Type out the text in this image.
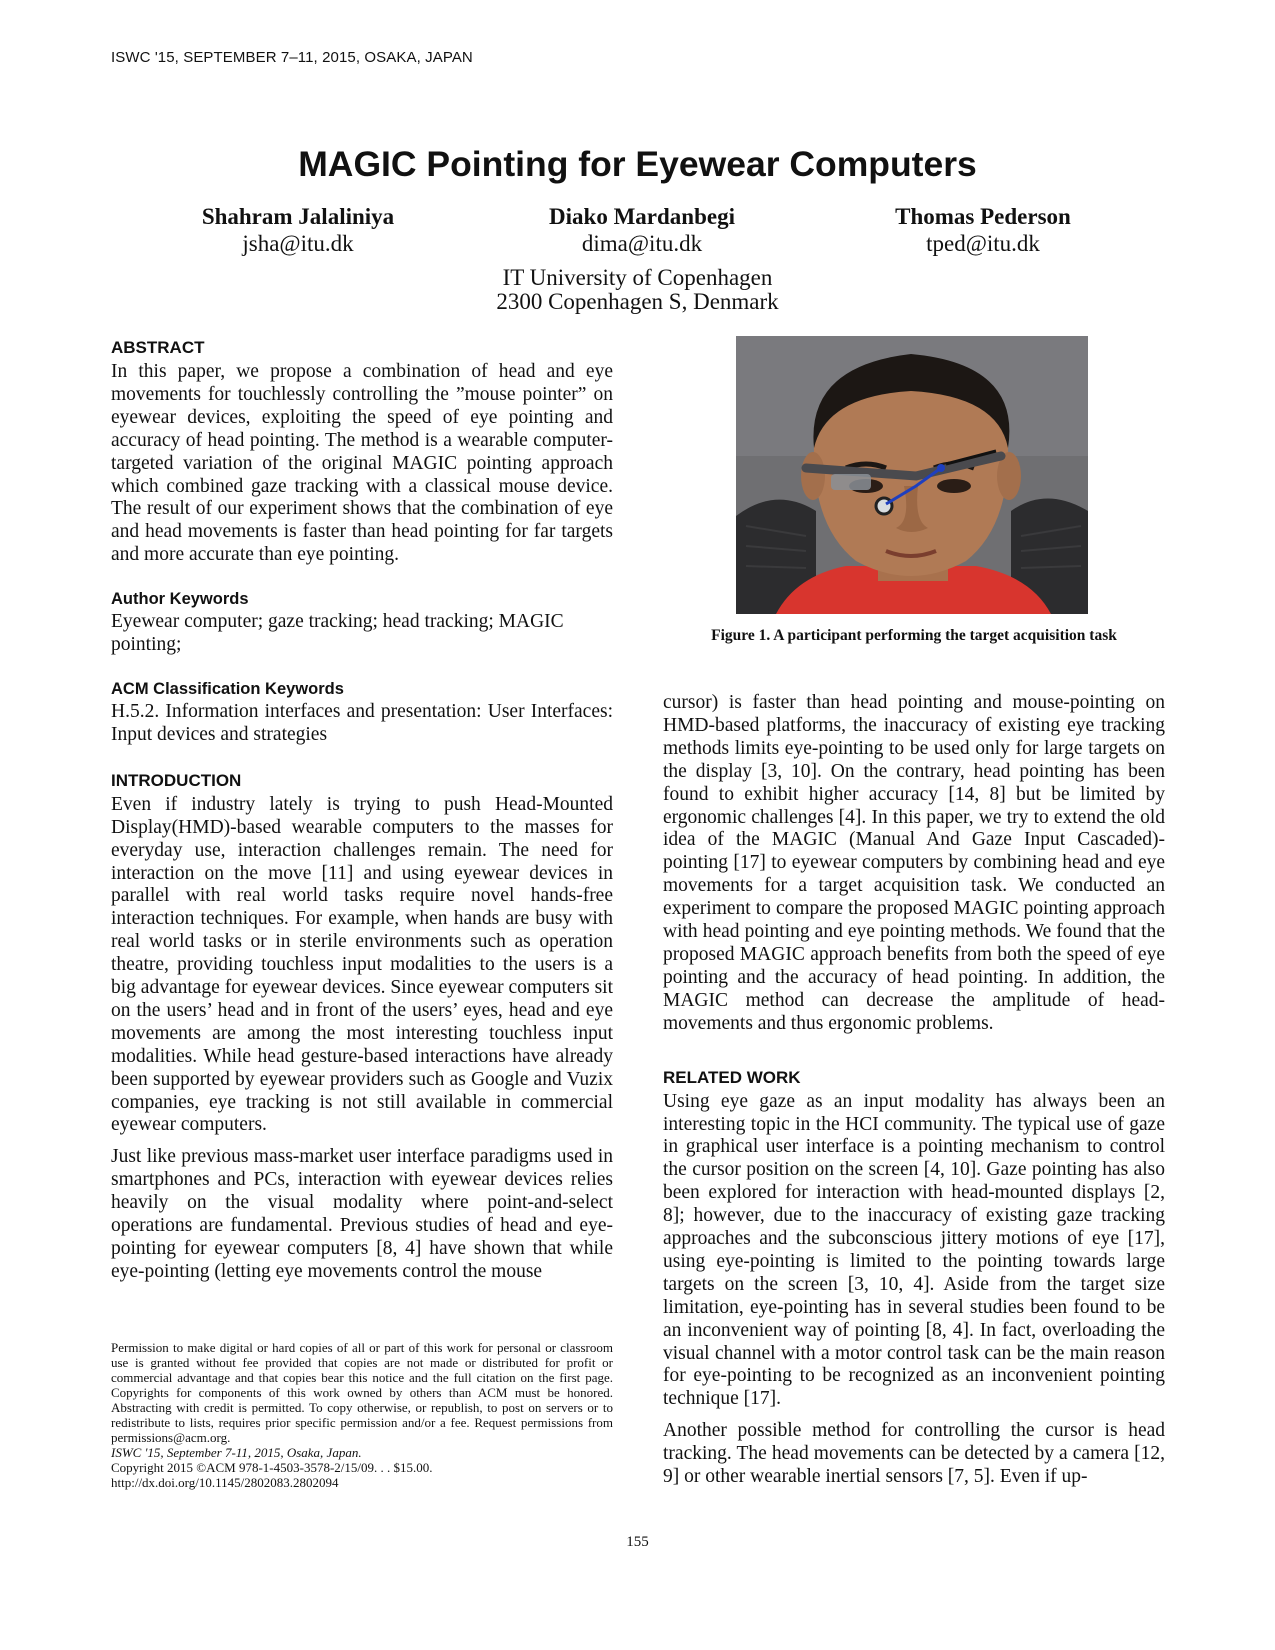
ISWC '15, SEPTEMBER 7–11, 2015, OSAKA, JAPAN
MAGIC Pointing for Eyewear Computers
Shahram Jalaliniya
jsha@itu.dk
Diako Mardanbegi
dima@itu.dk
Thomas Pederson
tped@itu.dk
IT University of Copenhagen
2300 Copenhagen S, Denmark
ABSTRACT

In this paper, we propose a combination of head and eye movements for touchlessly controlling the ”mouse pointer” on eyewear devices, exploiting the speed of eye pointing and accuracy of head pointing. The method is a wearable computer-targeted variation of the original MAGIC pointing approach which combined gaze tracking with a classical mouse device. The result of our experiment shows that the combination of eye and head movements is faster than head pointing for far targets and more accurate than eye pointing.

Author Keywords

Eyewear computer; gaze tracking; head tracking; MAGIC pointing;

ACM Classification Keywords

H.5.2. Information interfaces and presentation: User Interfaces: Input devices and strategies

INTRODUCTION

Even if industry lately is trying to push Head-Mounted Display(HMD)-based wearable computers to the masses for everyday use, interaction challenges remain. The need for interaction on the move [11] and using eyewear devices in parallel with real world tasks require novel hands-free interaction techniques. For example, when hands are busy with real world tasks or in sterile environments such as operation theatre, providing touchless input modalities to the users is a big advantage for eyewear devices. Since eyewear computers sit on the users’ head and in front of the users’ eyes, head and eye movements are among the most interesting touchless input modalities. While head gesture-based interactions have already been supported by eyewear providers such as Google and Vuzix companies, eye tracking is not still available in commercial eyewear computers.

Just like previous mass-market user interface paradigms used in smartphones and PCs, interaction with eyewear devices relies heavily on the visual modality where point-and-select operations are fundamental. Previous studies of head and eye-pointing for eyewear computers [8, 4] have shown that while eye-pointing (letting eye movements control the mouse

Figure 1. A participant performing the target acquisition task

cursor) is faster than head pointing and mouse-pointing on HMD-based platforms, the inaccuracy of existing eye tracking methods limits eye-pointing to be used only for large targets on the display [3, 10]. On the contrary, head pointing has been found to exhibit higher accuracy [14, 8] but be limited by ergonomic challenges [4]. In this paper, we try to extend the old idea of the MAGIC (Manual And Gaze Input Cascaded)-pointing [17] to eyewear computers by combining head and eye movements for a target acquisition task. We conducted an experiment to compare the proposed MAGIC pointing approach with head pointing and eye pointing methods. We found that the proposed MAGIC approach benefits from both the speed of eye pointing and the accuracy of head pointing. In addition, the MAGIC method can decrease the amplitude of head-movements and thus ergonomic problems.

RELATED WORK

Using eye gaze as an input modality has always been an interesting topic in the HCI community. The typical use of gaze in graphical user interface is a pointing mechanism to control the cursor position on the screen [4, 10]. Gaze pointing has also been explored for interaction with head-mounted displays [2, 8]; however, due to the inaccuracy of existing gaze tracking approaches and the subconscious jittery motions of eye [17], using eye-pointing is limited to the pointing towards large targets on the screen [3, 10, 4]. Aside from the target size limitation, eye-pointing has in several studies been found to be an inconvenient way of pointing [8, 4]. In fact, overloading the visual channel with a motor control task can be the main reason for eye-pointing to be recognized as an inconvenient pointing technique [17].

Another possible method for controlling the cursor is head tracking. The head movements can be detected by a camera [12, 9] or other wearable inertial sensors [7, 5]. Even if up-

Permission to make digital or hard copies of all or part of this work for personal or classroom use is granted without fee provided that copies are not made or distributed for profit or commercial advantage and that copies bear this notice and the full citation on the first page. Copyrights for components of this work owned by others than ACM must be honored. Abstracting with credit is permitted. To copy otherwise, or republish, to post on servers or to redistribute to lists, requires prior specific permission and/or a fee. Request permissions from permissions@acm.org.

ISWC '15, September 7-11, 2015, Osaka, Japan.

Copyright 2015 ©ACM 978-1-4503-3578-2/15/09. . . $15.00.

http://dx.doi.org/10.1145/2802083.2802094

155
